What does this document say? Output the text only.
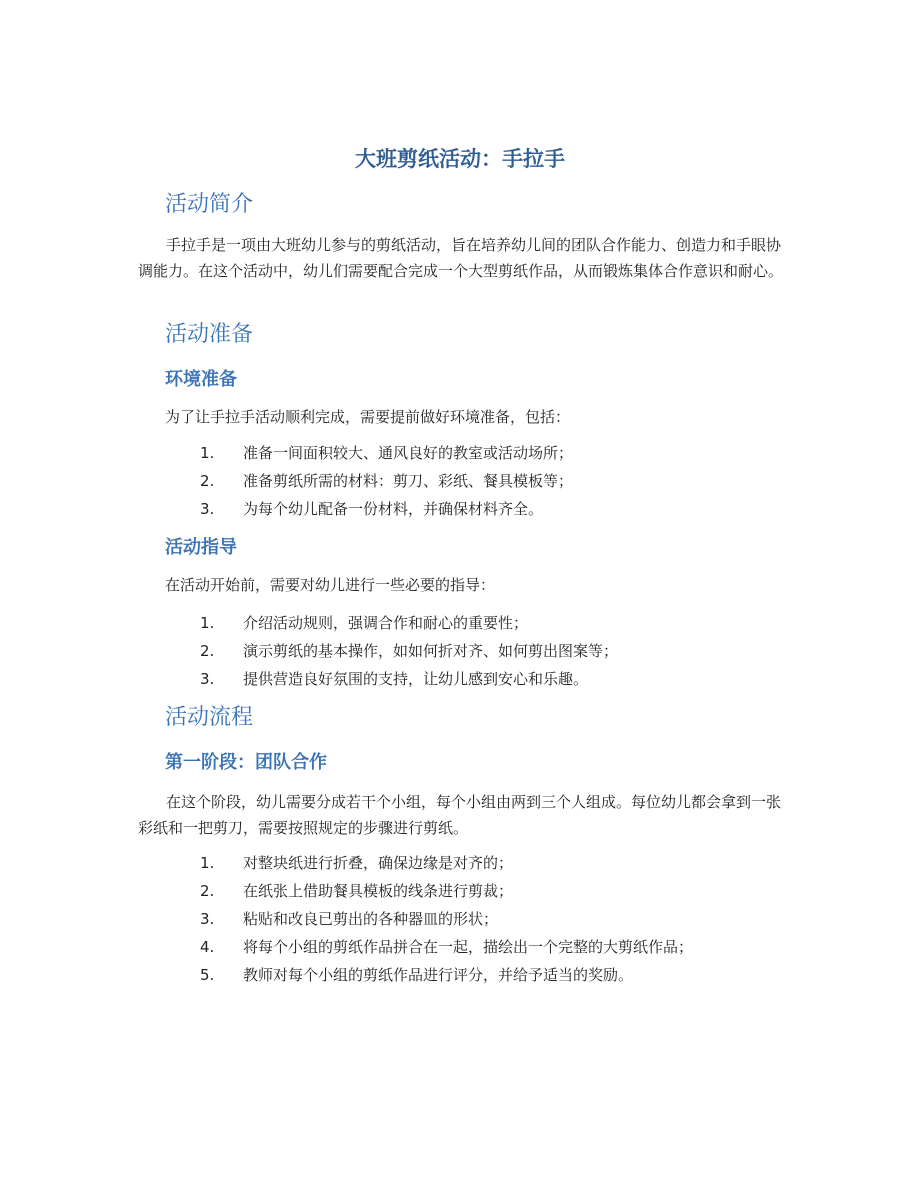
大班剪纸活动：手拉手
活动简介

手拉手是一项由大班幼儿参与的剪纸活动，旨在培养幼儿间的团队合作能力、创造力和手眼协调能力。在这个活动中，幼儿们需要配合完成一个大型剪纸作品，从而锻炼集体合作意识和耐心。

活动准备
环境准备

为了让手拉手活动顺利完成，需要提前做好环境准备，包括：

1.	准备一间面积较大、通风良好的教室或活动场所；
2.	准备剪纸所需的材料：剪刀、彩纸、餐具模板等；
3.	为每个幼儿配备一份材料，并确保材料齐全。
活动指导

在活动开始前，需要对幼儿进行一些必要的指导：

1.	介绍活动规则，强调合作和耐心的重要性；
2.	演示剪纸的基本操作，如如何折对齐、如何剪出图案等；
3.	提供营造良好氛围的支持，让幼儿感到安心和乐趣。
活动流程
第一阶段：团队合作

在这个阶段，幼儿需要分成若干个小组，每个小组由两到三个人组成。每位幼儿都会拿到一张彩纸和一把剪刀，需要按照规定的步骤进行剪纸。

1.	对整块纸进行折叠，确保边缘是对齐的；
2.	在纸张上借助餐具模板的线条进行剪裁；
3.	粘贴和改良已剪出的各种器皿的形状；
4.	将每个小组的剪纸作品拼合在一起，描绘出一个完整的大剪纸作品；
5.	教师对每个小组的剪纸作品进行评分，并给予适当的奖励。
